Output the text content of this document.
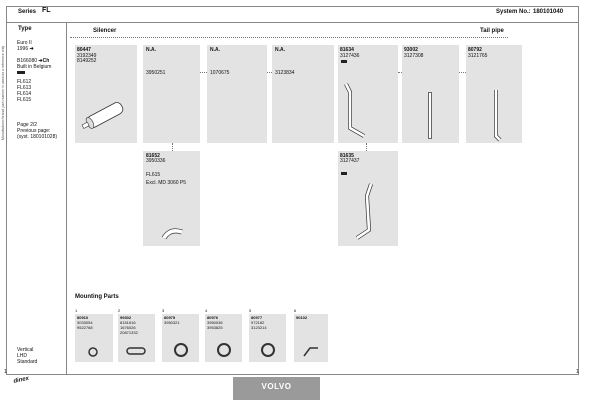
Series FL	System No.: 180101040
Manufacturer/brand: part number is used as a reference only
Type
Euro II
1996 ➜
B166080 ➜Ch
Built in Belgium
FL612
FL613
FL614
FL615
Page 2/2
Previous page:
(syst. 180101028)
Vertical
LHD
Standard
Silencer	Tail pipe
80447
3192349
8149252
N.A.
3950251
N.A.
1070675
N.A.
3123834
81634
3127436
93002
3127308
80792
3121765
81652
3950336
FL615
Excl. MD 3060 P5
81635
3127437
Mounting Parts
1
80910
3033054
9522768
2
99302
8151616
1676026
20871332
3
80975
3950321
4
80976
3950036
3953825
5
80977
972182
3123214
6
90102
1	1
dinex
VOLVO
